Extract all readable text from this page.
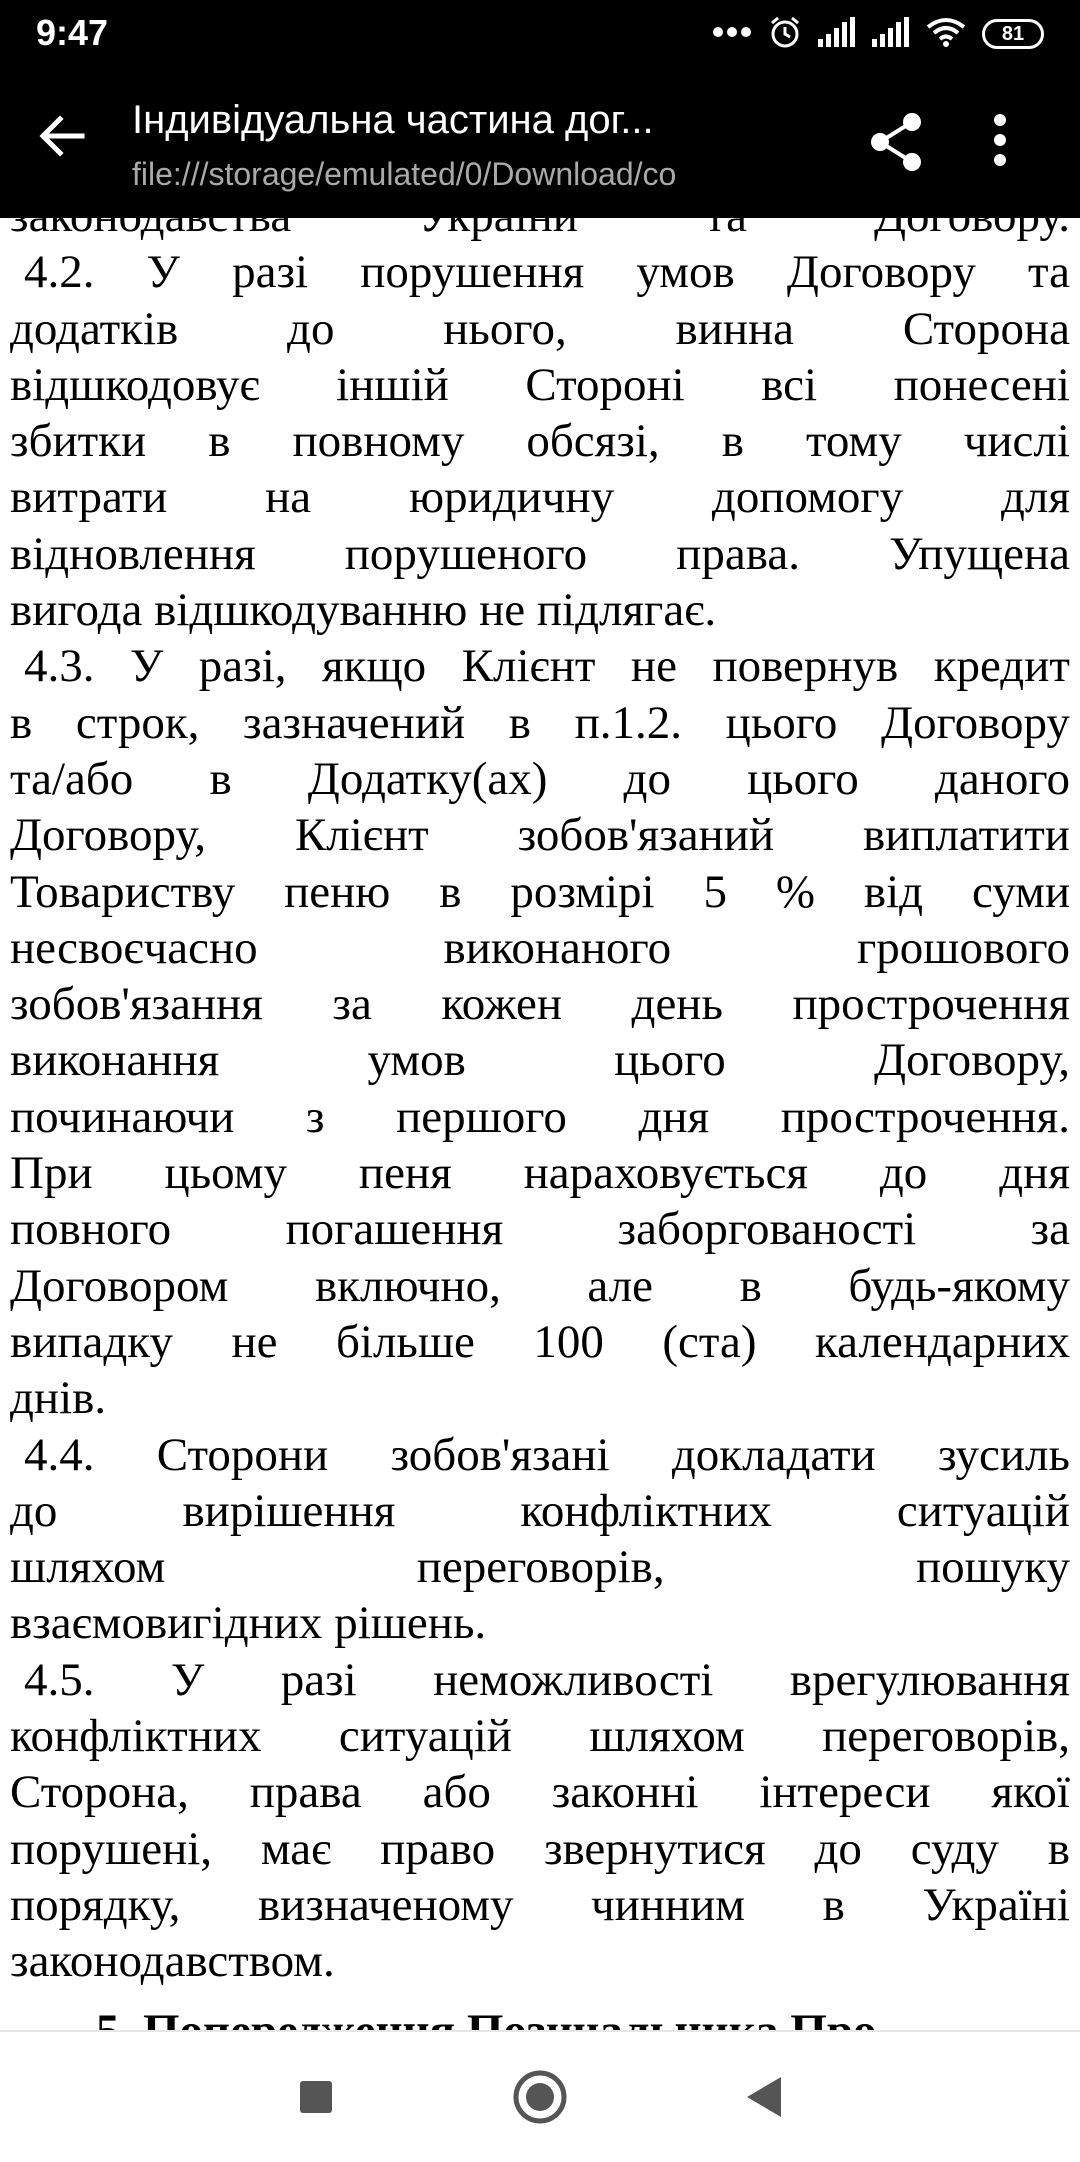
9:47	81
Індивідуальна частина дог...
file:///storage/emulated/0/Download/co
4.2. У разі порушення умов Договору та
додатків до нього, винна Сторона
відшкодовує іншій Стороні всі понесені
збитки в повному обсязі, в тому числі
витрати на юридичну допомогу для
відновлення порушеного права. Упущена
вигода відшкодуванню не підлягає.
4.3. У разі, якщо Клієнт не повернув кредит
в строк, зазначений в п.1.2. цього Договору
та/або в Додатку(ах) до цього даного
Договору, Клієнт зобов'язаний виплатити
Товариству пеню в розмірі 5 % від суми
несвоєчасно	виконаного	грошового
зобов'язання за кожен день прострочення
виконання	умов	цього	Договору,
починаючи з першого дня прострочення.
При цьому пеня нараховується до дня
повного погашення заборгованості за
Договором включно, але в будь-якому
випадку не більше 100 (ста) календарних
днів.
4.4. Сторони зобов'язані докладати зусиль
до	вирішення	конфліктних	ситуацій
шляхом	переговорів,	пошуку
взаємовигідних рішень.
4.5. У разі неможливості врегулювання
конфліктних ситуацій шляхом переговорів,
Сторона, права або законні інтереси якої
порушені, має право звернутися до суду в
порядку, визначеному чинним в Україні
законодавством.
